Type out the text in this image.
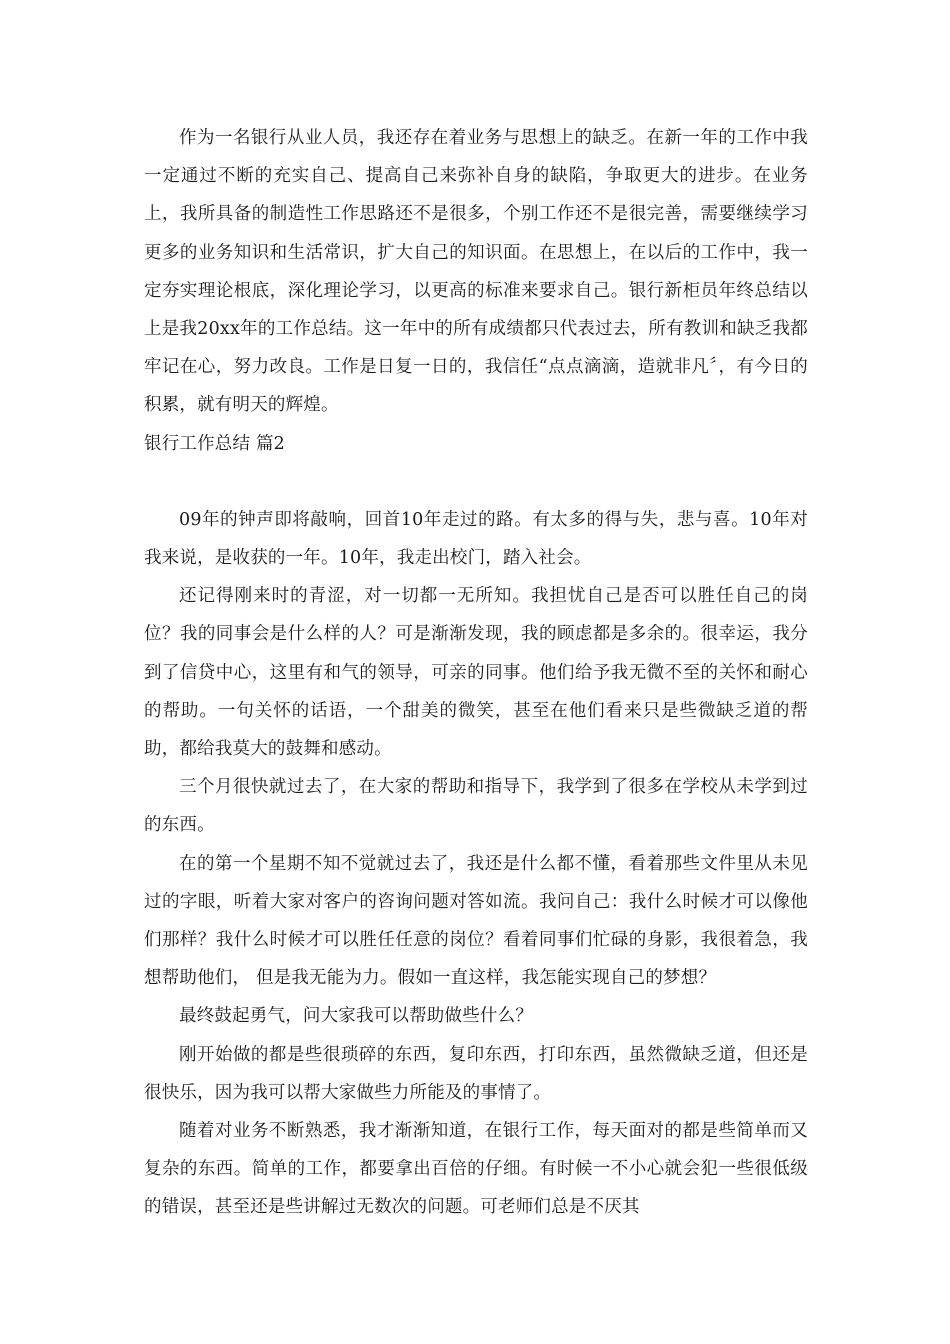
作为一名银行从业人员，我还存在着业务与思想上的缺乏。在新一年的工作中我一定通过不断的充实自己、提高自己来弥补自身的缺陷，争取更大的进步。在业务上，我所具备的制造性工作思路还不是很多，个别工作还不是很完善，需要继续学习更多的业务知识和生活常识，扩大自己的知识面。在思想上，在以后的工作中，我一定夯实理论根底，深化理论学习，以更高的标准来要求自己。银行新柜员年终总结以上是我20xx年的工作总结。这一年中的所有成绩都只代表过去，所有教训和缺乏我都牢记在心，努力改良。工作是日复一日的，我信任“点点滴滴，造就非凡〞，有今日的积累，就有明天的辉煌。

银行工作总结 篇2

09年的钟声即将敲响，回首10年走过的路。有太多的得与失，悲与喜。10年对我来说，是收获的一年。10年，我走出校门，踏入社会。

还记得刚来时的青涩，对一切都一无所知。我担忧自己是否可以胜任自己的岗位？我的同事会是什么样的人？可是渐渐发现，我的顾虑都是多余的。很幸运，我分到了信贷中心，这里有和气的领导，可亲的同事。他们给予我无微不至的关怀和耐心的帮助。一句关怀的话语，一个甜美的微笑，甚至在他们看来只是些微缺乏道的帮助，都给我莫大的鼓舞和感动。

三个月很快就过去了，在大家的帮助和指导下，我学到了很多在学校从未学到过的东西。

在的第一个星期不知不觉就过去了，我还是什么都不懂，看着那些文件里从未见过的字眼，听着大家对客户的咨询问题对答如流。我问自己：我什么时候才可以像他们那样？我什么时候才可以胜任任意的岗位？看着同事们忙碌的身影，我很着急，我想帮助他们， 但是我无能为力。假如一直这样，我怎能实现自己的梦想？

最终鼓起勇气，问大家我可以帮助做些什么？

刚开始做的都是些很琐碎的东西，复印东西，打印东西，虽然微缺乏道，但还是很快乐，因为我可以帮大家做些力所能及的事情了。

随着对业务不断熟悉，我才渐渐知道，在银行工作，每天面对的都是些简单而又复杂的东西。简单的工作，都要拿出百倍的仔细。有时候一不小心就会犯一些很低级的错误，甚至还是些讲解过无数次的问题。可老师们总是不厌其
